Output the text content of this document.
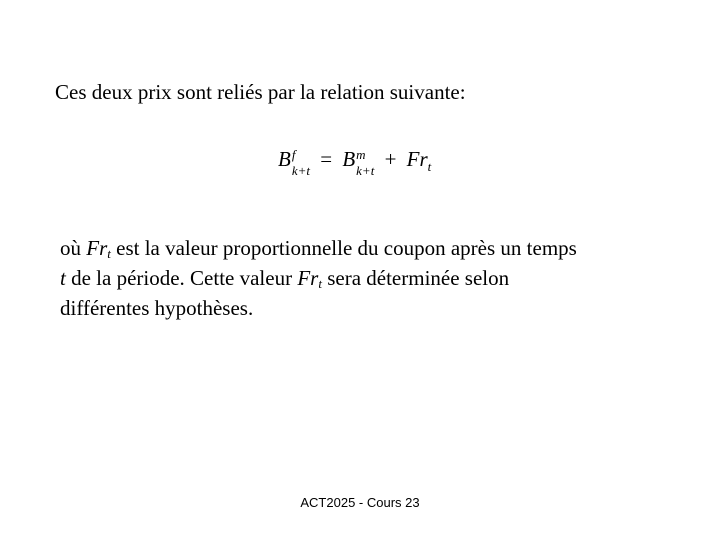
Ces deux prix sont reliés par la relation suivante:
B f
k+t = B m
$k+t + Fr_t$
où $Fr_t$ est la valeur proportionnelle du coupon après un temps
t de la période. Cette valeur $Fr_t$ sera déterminée selon
différentes hypothèses.
ACT2025 - Cours 23
